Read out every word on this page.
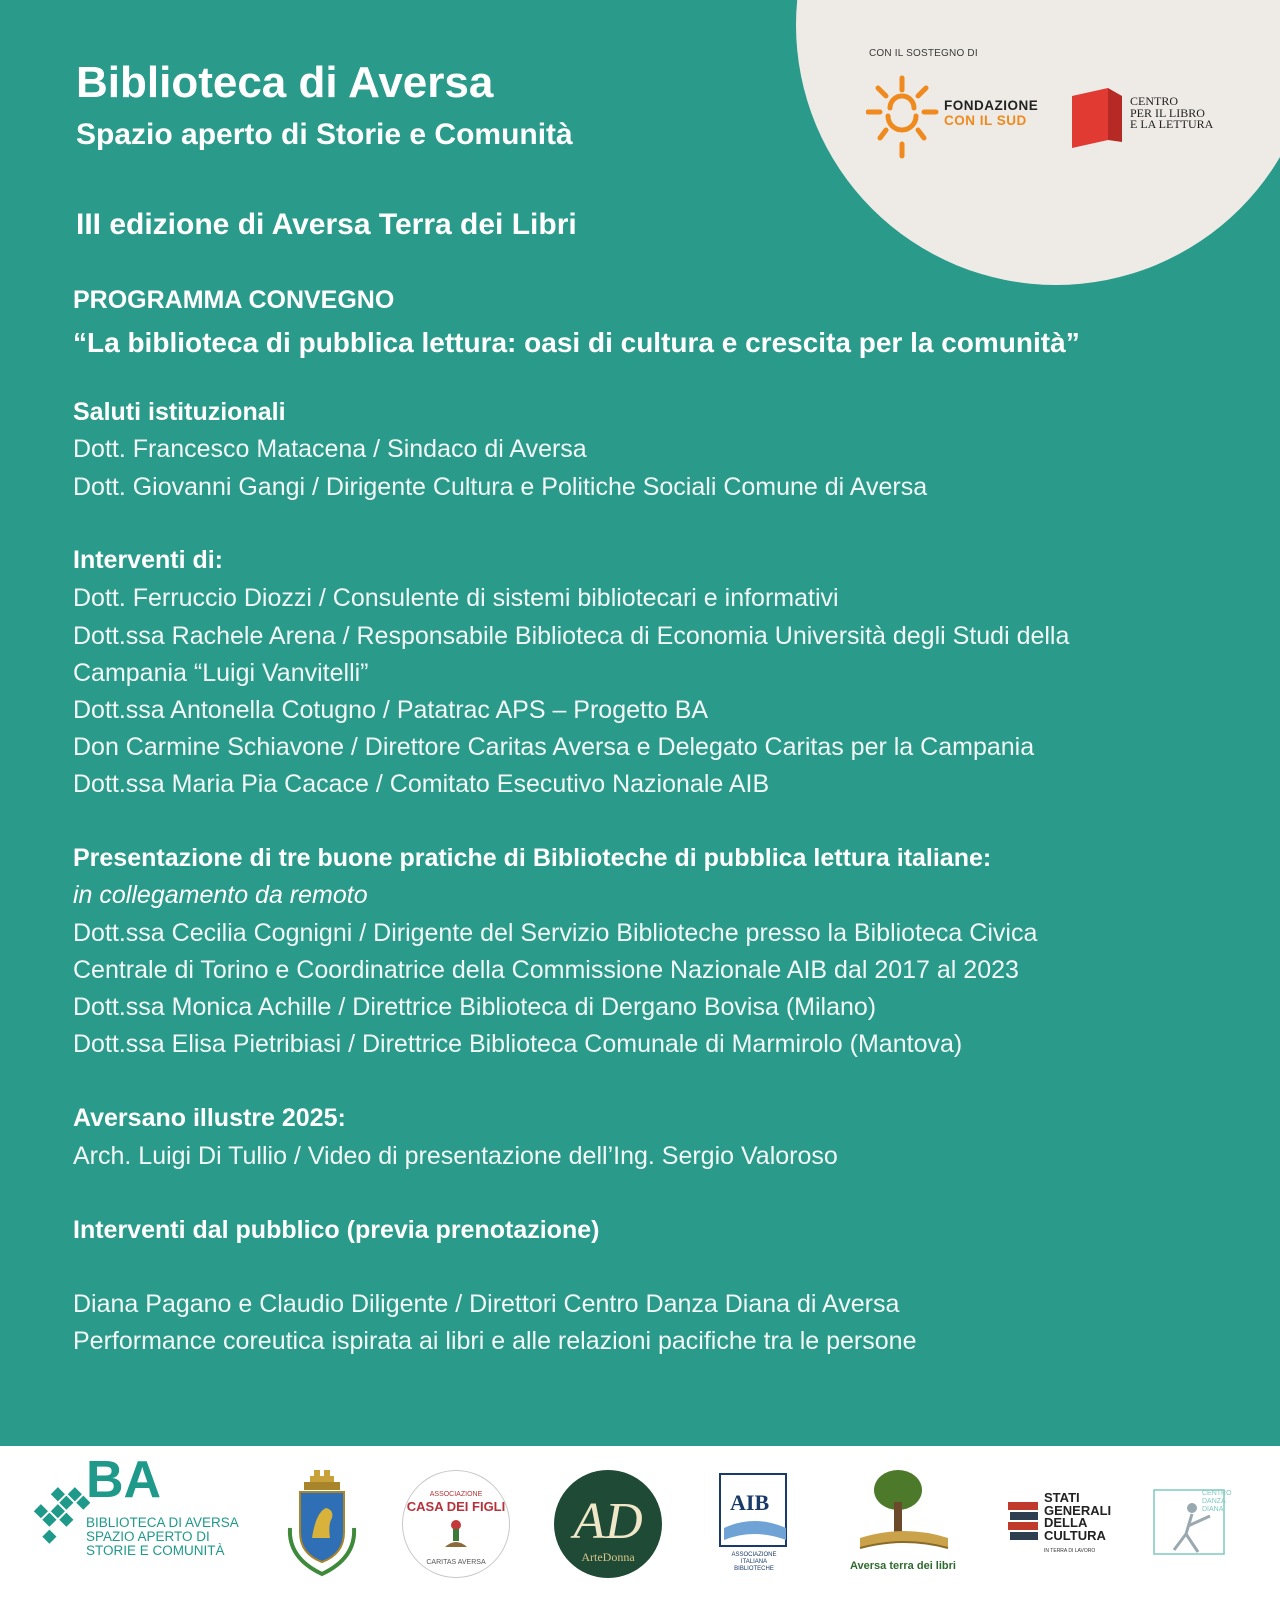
CON IL SOSTEGNO DI
FONDAZIONE
CON IL SUD
CENTRO
PER IL LIBRO
E LA LETTURA
Biblioteca di Aversa
Spazio aperto di Storie e Comunità
III edizione di Aversa Terra dei Libri
PROGRAMMA CONVEGNO
“La biblioteca di pubblica lettura: oasi di cultura e crescita per la comunità”
Saluti istituzionali
Dott. Francesco Matacena / Sindaco di Aversa
Dott. Giovanni Gangi / Dirigente Cultura e Politiche Sociali Comune di Aversa
Interventi di:
Dott. Ferruccio Diozzi / Consulente di sistemi bibliotecari e informativi
Dott.ssa Rachele Arena / Responsabile Biblioteca di Economia Università degli Studi della
Campania “Luigi Vanvitelli”
Dott.ssa Antonella Cotugno / Patatrac APS – Progetto BA
Don Carmine Schiavone / Direttore Caritas Aversa e Delegato Caritas per la Campania
Dott.ssa Maria Pia Cacace / Comitato Esecutivo Nazionale AIB
Presentazione di tre buone pratiche di Biblioteche di pubblica lettura italiane:
in collegamento da remoto
Dott.ssa Cecilia Cognigni / Dirigente del Servizio Biblioteche presso la Biblioteca Civica
Centrale di Torino e Coordinatrice della Commissione Nazionale AIB dal 2017 al 2023
Dott.ssa Monica Achille / Direttrice Biblioteca di Dergano Bovisa (Milano)
Dott.ssa Elisa Pietribiasi / Direttrice Biblioteca Comunale di Marmirolo (Mantova)
Aversano illustre 2025:
Arch. Luigi Di Tullio / Video di presentazione dell’Ing. Sergio Valoroso
Interventi dal pubblico (previa prenotazione)
Diana Pagano e Claudio Diligente / Direttori Centro Danza Diana di Aversa
Performance coreutica ispirata ai libri e alle relazioni pacifiche tra le persone
BA
BIBLIOTECA DI AVERSA
SPAZIO APERTO DI
STORIE E COMUNITÀ
ASSOCIAZIONE
CASA DEI FIGLI
CARITAS AVERSA
AD
ArteDonna
AIB
ASSOCIAZIONE
ITALIANA
BIBLIOTECHE	Aversa terra dei libri
STATI
GENERALI
DELLA
CULTURA
IN TERRA DI LAVORO
CENTRO
DANZA
DIANA
